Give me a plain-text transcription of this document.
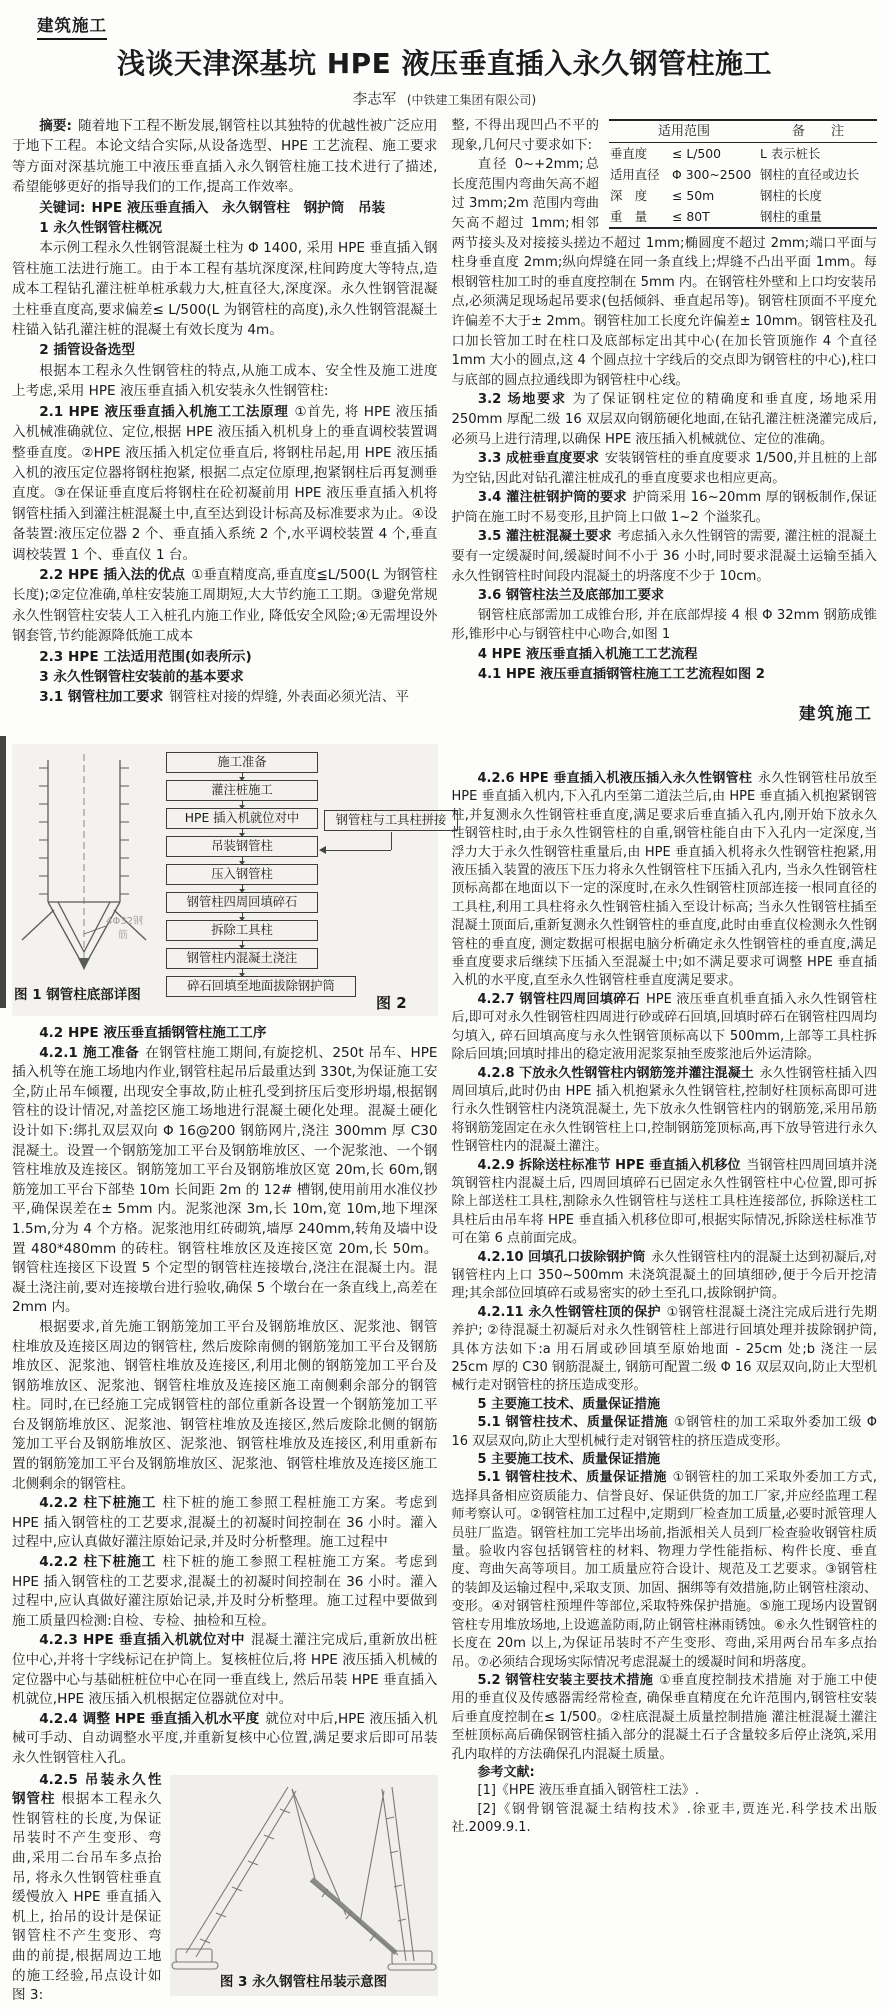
建筑施工
浅谈天津深基坑 HPE 液压垂直插入永久钢管柱施工
李志军 (中铁建工集团有限公司)

摘要: 随着地下工程不断发展,钢管柱以其独特的优越性被广泛应用于地下工程。本论文结合实际,从设备选型、HPE 工艺流程、施工要求等方面对深基坑施工中液压垂直插入永久钢管柱施工技术进行了描述,希望能够更好的指导我们的工作,提高工作效率。

关键词: HPE 液压垂直插入　永久钢管柱　钢护筒　吊装

1 永久性钢管柱概况

本示例工程永久性钢管混凝土柱为 Φ 1400, 采用 HPE 垂直插入钢管柱施工法进行施工。由于本工程有基坑深度深,柱间跨度大等特点,造成本工程钻孔灌注桩单桩承载力大,桩直径大,深度深。永久性钢管混凝土柱垂直度高,要求偏差≤ L/500(L 为钢管柱的高度),永久性钢管混凝土柱锚入钻孔灌注桩的混凝土有效长度为 4m。

2 插管设备选型

根据本工程永久性钢管柱的特点,从施工成本、安全性及施工进度上考虑,采用 HPE 液压垂直插入机安装永久性钢管柱:

2.1 HPE 液压垂直插入机施工工法原理 ①首先, 将 HPE 液压插入机械准确就位、定位,根据 HPE 液压插入机机身上的垂直调校装置调整垂直度。②HPE 液压插入机定位垂直后, 将钢柱吊起,用 HPE 液压插入机的液压定位器将钢柱抱紧, 根据二点定位原理,抱紧钢柱后再复测垂直度。③在保证垂直度后将钢柱在砼初凝前用 HPE 液压垂直插入机将钢管柱插入到灌注桩混凝土中,直至达到设计标高及标准要求为止。④设备装置:液压定位器 2 个、垂直插入系统 2 个,水平调校装置 4 个,垂直调校装置 1 个、垂直仪 1 台。

2.2 HPE 插入法的优点 ①垂直精度高,垂直度≦L/500(L 为钢管柱长度);②定位准确,单柱安装施工周期短,大大节约施工工期。③避免常规永久性钢管柱安装人工入桩孔内施工作业, 降低安全风险;④无需埋设外钢套管,节约能源降低施工成本

2.3 HPE 工法适用范围(如表所示)

3 永久性钢管柱安装前的基本要求

3.1 钢管柱加工要求 钢管柱对接的焊缝, 外表面必须光洁、平

适用范围	备　　注
垂直度	≤ L/500	L 表示桩长
适用直径	Φ 300~2500 钢柱的直径或边长
深　度	≤ 50m	钢柱的长度
重　量	≤ 80T	钢柱的重量

整, 不得出现凹凸不平的现象,几何尺寸要求如下:

直径 0~+2mm;总长度范围内弯曲矢高不超过 3mm;2m 范围内弯曲矢高不超过 1mm;相邻两节接头及对接接头搓边不超过 1mm;椭圆度不超过 2mm;端口平面与柱身垂直度 2mm;纵向焊缝在同一条直线上;焊缝不凸出平面 1mm。每根钢管柱加工时的垂直度控制在 5mm 内。在钢管柱外壁和上口均安装吊点,必须满足现场起吊要求(包括倾斜、垂直起吊等)。钢管柱顶面不平度允许偏差不大于± 2mm。钢管柱加工长度允许偏差± 10mm。钢管柱及孔口加长管加工时在柱口及底部标定出其中心(在加长管顶施作 4 个直径 1mm 大小的圆点,这 4 个圆点拉十字线后的交点即为钢管柱的中心),柱口与底部的圆点拉通线即为钢管柱中心线。

3.2 场地要求 为了保证钢柱定位的精确度和垂直度, 场地采用 250mm 厚配二级 16 双层双向钢筋硬化地面,在钻孔灌注桩浇灌完成后,必须马上进行清理,以确保 HPE 液压插入机械就位、定位的准确。

3.3 成桩垂直度要求 安装钢管柱的垂直度要求 1/500,并且桩的上部为空钻,因此对钻孔灌注桩成孔的垂直度要求也相应更高。

3.4 灌注桩钢护筒的要求 护筒采用 16~20mm 厚的钢板制作,保证护筒在施工时不易变形,且护筒上口做 1~2 个溢浆孔。

3.5 灌注桩混凝土要求 考虑插入永久性钢管的需要, 灌注桩的混凝土要有一定缓凝时间,缓凝时间不小于 36 小时,同时要求混凝土运输至插入永久性钢管柱时间段内混凝土的坍落度不少于 10cm。

3.6 钢管柱法兰及底部加工要求

钢管柱底部需加工成锥台形, 并在底部焊接 4 根 Φ 32mm 钢筋成锥形,锥形中心与钢管柱中心吻合,如图 1

4 HPE 液压垂直插入机施工工艺流程

4.1 HPE 液压垂直插钢管柱施工工艺流程如图 2

建筑施工
4Φ32钢
筋
图 1 钢管柱底部详图
施工准备
灌注桩施工
HPE 插入机就位对中
吊装钢管柱
压入钢管柱
钢管柱四周回填碎石
拆除工具柱
钢管柱内混凝土浇注
碎石回填至地面拔除钢护筒
钢管柱与工具柱拼接
图 2

4.2 HPE 液压垂直插钢管柱施工工序

4.2.1 施工准备 在钢管柱施工期间,有旋挖机、250t 吊车、HPE 插入机等在施工场地内作业,钢管柱起吊后最重达到 330t,为保证施工安全,防止吊车倾覆, 出现安全事故,防止桩孔受到挤压后变形坍塌,根据钢管柱的设计情况,对盖挖区施工场地进行混凝土硬化处理。混凝土硬化设计如下:绑扎双层双向 Φ 16@200 钢筋网片,浇注 300mm 厚 C30 混凝土。设置一个钢筋笼加工平台及钢筋堆放区、一个泥浆池、一个钢管柱堆放及连接区。钢筋笼加工平台及钢筋堆放区宽 20m,长 60m,钢筋笼加工平台下部垫 10m 长间距 2m 的 12# 槽钢,使用前用水准仪抄平,确保误差在± 5mm 内。泥浆池深 3m,长 10m,宽 10m,地下埋深 1.5m,分为 4 个方格。泥浆池用红砖砌筑,墙厚 240mm,转角及墙中设置 480*480mm 的砖柱。钢管柱堆放区及连接区宽 20m,长 50m。钢管柱连接区下设置 5 个定型的钢管柱连接墩台,浇注在混凝土内。混凝土浇注前,要对连接墩台进行验收,确保 5 个墩台在一条直线上,高差在 2mm 内。

根据要求,首先施工钢筋笼加工平台及钢筋堆放区、泥浆池、钢管柱堆放及连接区周边的钢管柱, 然后废除南侧的钢筋笼加工平台及钢筋堆放区、泥浆池、钢管柱堆放及连接区,利用北侧的钢筋笼加工平台及钢筋堆放区、泥浆池、钢管柱堆放及连接区施工南侧剩余部分的钢管柱。同时,在已经施工完成钢管柱的部位重新各设置一个钢筋笼加工平台及钢筋堆放区、泥浆池、钢管柱堆放及连接区,然后废除北侧的钢筋笼加工平台及钢筋堆放区、泥浆池、钢管柱堆放及连接区,利用重新布置的钢筋笼加工平台及钢筋堆放区、泥浆池、钢管柱堆放及连接区施工北侧剩余的钢管柱。

4.2.2 柱下桩施工 柱下桩的施工参照工程桩施工方案。考虑到 HPE 插入钢管柱的工艺要求,混凝土的初凝时间控制在 36 小时。灌入过程中,应认真做好灌注原始记录,并及时分析整理。施工过程中

4.2.2 柱下桩施工 柱下桩的施工参照工程桩施工方案。考虑到 HPE 插入钢管柱的工艺要求,混凝土的初凝时间控制在 36 小时。灌入过程中,应认真做好灌注原始记录,并及时分析整理。施工过程中要做到施工质量四检测:自检、专检、抽检和互检。

4.2.3 HPE 垂直插入机就位对中 混凝土灌注完成后,重新放出桩位中心,并将十字线标记在护筒上。复核桩位后,将 HPE 液压插入机械的定位器中心与基础桩桩位中心在同一垂直线上, 然后吊装 HPE 垂直插入机就位,HPE 液压插入机根据定位器就位对中。

4.2.4 调整 HPE 垂直插入机水平度 就位对中后,HPE 液压插入机械可手动、自动调整水平度,并重新复核中心位置,满足要求后即可吊装永久性钢管柱入孔。

图 3 永久钢管柱吊装示意图

4.2.5 吊装永久性钢管柱 根据本工程永久性钢管柱的长度,为保证吊装时不产生变形、弯曲,采用二台吊车多点抬吊, 将永久性钢管柱垂直缓慢放入 HPE 垂直插入机上, 抬吊的设计是保证钢管柱不产生变形、弯曲的前提,根据周边工地的施工经验,吊点设计如图 3:

4.2.6 HPE 垂直插入机液压插入永久性钢管柱 永久性钢管柱吊放至 HPE 垂直插入机内,下入孔内至第二道法兰后,由 HPE 垂直插入机抱紧钢管柱,并复测永久性钢管柱垂直度,满足要求后垂直插入孔内,刚开始下放永久性钢管柱时,由于永久性钢管柱的自重,钢管柱能自由下入孔内一定深度,当浮力大于永久性钢管柱重量后,由 HPE 垂直插入机将永久性钢管柱抱紧,用液压插入装置的液压下压力将永久性钢管柱下压插入孔内, 当永久性钢管柱顶标高都在地面以下一定的深度时,在永久性钢管柱顶部连接一根同直径的工具柱,利用工具柱将永久性钢管柱插入至设计标高; 当永久性钢管柱插至混凝土顶面后,重新复测永久性钢管柱的垂直度,此时由垂直仪检测永久性钢管柱的垂直度, 测定数据可根据电脑分析确定永久性钢管柱的垂直度,满足垂直度要求后继续下压插入至混凝土中;如不满足要求可调整 HPE 垂直插入机的水平度,直至永久性钢管柱垂直度满足要求。

4.2.7 钢管柱四周回填碎石 HPE 液压垂直机垂直插入永久性钢管柱后,即可对永久性钢管柱四周进行砂或碎石回填,回填时碎石在钢管柱四周均匀填入, 碎石回填高度与永久性钢管顶标高以下 500mm,上部等工具柱拆除后回填;回填时排出的稳定液用泥浆泵抽至废浆池后外运清除。

4.2.8 下放永久性钢管柱内钢筋笼并灌注混凝土 永久性钢管柱插入四周回填后,此时仍由 HPE 插入机抱紧永久性钢管柱,控制好柱顶标高即可进行永久性钢管柱内浇筑混凝土, 先下放永久性钢管柱内的钢筋笼,采用吊筋将钢筋笼固定在永久性钢管柱上口,控制钢筋笼顶标高,再下放导管进行永久性钢管柱内的混凝土灌注。

4.2.9 拆除送柱标准节 HPE 垂直插入机移位 当钢管柱四周回填并浇筑钢管柱内混凝土后, 四周回填碎石已固定永久性钢管柱中心位置,即可拆除上部送柱工具柱,割除永久性钢管柱与送柱工具柱连接部位, 拆除送柱工具柱后由吊车将 HPE 垂直插入机移位即可,根据实际情况,拆除送柱标准节可在第 6 点前面完成。

4.2.10 回填孔口拔除钢护筒 永久性钢管柱内的混凝土达到初凝后,对钢管柱内上口 350~500mm 未浇筑混凝土的回填细砂,便于今后开挖清理;其余部位回填碎石或易密实的砂土至孔口,拔除钢护筒。

4.2.11 永久性钢管柱顶的保护 ①钢管柱混凝土浇注完成后进行先期养护; ②待混凝土初凝后对永久性钢管柱上部进行回填处理并拔除钢护筒, 具体方法如下:a 用石屑或砂回填至原始地面 - 25cm 处;b 浇注一层 25cm 厚的 C30 钢筋混凝土, 钢筋可配置二级 Φ 16 双层双向,防止大型机械行走对钢管柱的挤压造成变形。

5 主要施工技术、质量保证措施

5.1 钢管柱技术、质量保证措施 ①钢管柱的加工采取外委加工级 Φ 16 双层双向,防止大型机械行走对钢管柱的挤压造成变形。

5 主要施工技术、质量保证措施

5.1 钢管柱技术、质量保证措施 ①钢管柱的加工采取外委加工方式,选择具备相应资质能力、信誉良好、保证供货的加工厂家,并应经监理工程师考察认可。②钢管柱加工过程中,定期到厂检查加工质量,必要时派管理人员驻厂监造。钢管柱加工完毕出场前,指派相关人员到厂检查验收钢管柱质量。验收内容包括钢管柱的材料、物理力学性能指标、构件长度、垂直度、弯曲矢高等项目。加工质量应符合设计、规范及工艺要求。③钢管柱的装卸及运输过程中,采取支顶、加固、捆绑等有效措施,防止钢管柱滚动、变形。④对钢管柱预埋件等部位,采取特殊保护措施。⑤施工现场内设置钢管柱专用堆放场地,上设遮盖防雨,防止钢管柱淋雨锈蚀。⑥永久性钢管柱的长度在 20m 以上,为保证吊装时不产生变形、弯曲,采用两台吊车多点抬吊。⑦必须结合现场实际情况考虑混凝土的缓凝时间和坍落度。

5.2 钢管柱安装主要技术措施 ①垂直度控制技术措施 对于施工中使用的垂直仪及传感器需经常检查, 确保垂直精度在允许范围内,钢管柱安装后垂直度控制在≤ 1/500。②柱底混凝土质量控制措施 灌注桩混凝土灌注至桩顶标高后确保钢管柱插入部分的混凝土石子含量较多后停止浇筑,采用孔内取样的方法确保孔内混凝土质量。

参考文献:

[1]《HPE 液压垂直插入钢管柱工法》.

[2]《钢骨钢管混凝土结构技术》.徐亚丰,贾连光.科学技术出版社.2009.9.1.
